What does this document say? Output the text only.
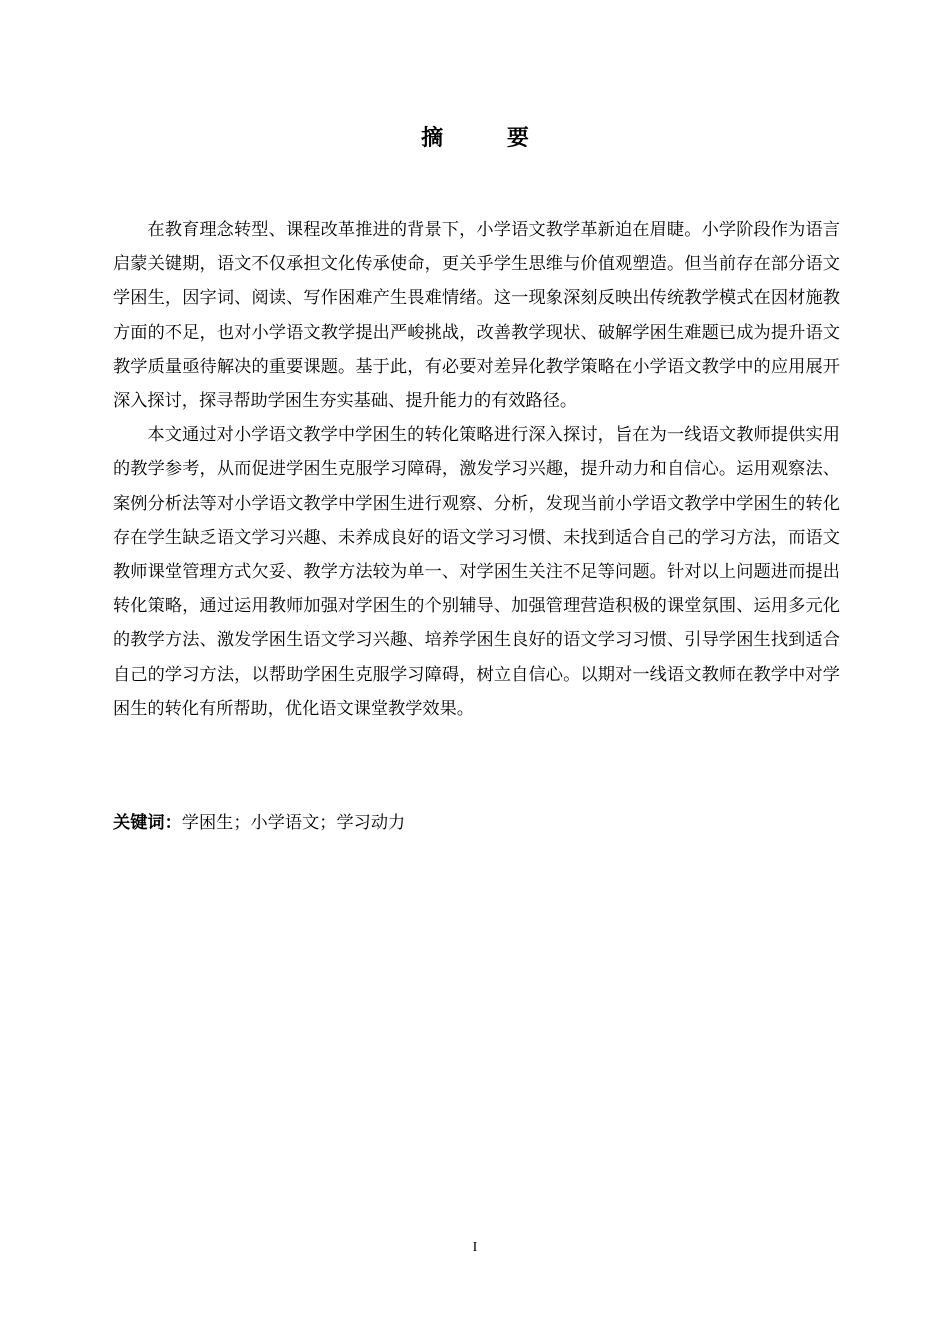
摘 要

在教育理念转型、课程改革推进的背景下，小学语文教学革新迫在眉睫。小学阶段作为语言启蒙关键期，语文不仅承担文化传承使命，更关乎学生思维与价值观塑造。但当前存在部分语文学困生，因字词、阅读、写作困难产生畏难情绪。这一现象深刻反映出传统教学模式在因材施教方面的不足，也对小学语文教学提出严峻挑战，改善教学现状、破解学困生难题已成为提升语文教学质量亟待解决的重要课题。基于此，有必要对差异化教学策略在小学语文教学中的应用展开深入探讨，探寻帮助学困生夯实基础、提升能力的有效路径。

本文通过对小学语文教学中学困生的转化策略进行深入探讨，旨在为一线语文教师提供实用的教学参考，从而促进学困生克服学习障碍，激发学习兴趣，提升动力和自信心。运用观察法、案例分析法等对小学语文教学中学困生进行观察、分析，发现当前小学语文教学中学困生的转化存在学生缺乏语文学习兴趣、未养成良好的语文学习习惯、未找到适合自己的学习方法，而语文教师课堂管理方式欠妥、教学方法较为单一、对学困生关注不足等问题。针对以上问题进而提出转化策略，通过运用教师加强对学困生的个别辅导、加强管理营造积极的课堂氛围、运用多元化的教学方法、激发学困生语文学习兴趣、培养学困生良好的语文学习习惯、引导学困生找到适合自己的学习方法，以帮助学困生克服学习障碍，树立自信心。以期对一线语文教师在教学中对学困生的转化有所帮助，优化语文课堂教学效果。

关键词：学困生；小学语文；学习动力
I
